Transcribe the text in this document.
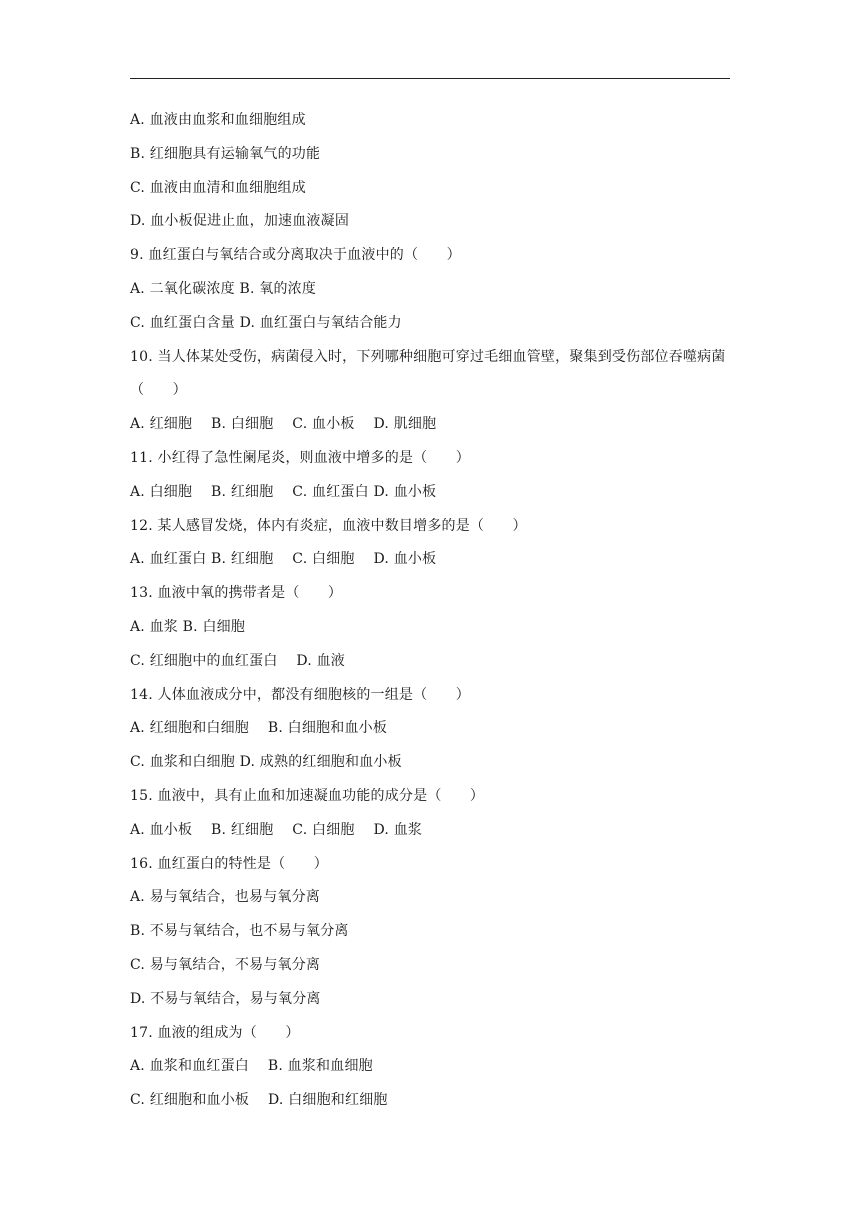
A. 血液由血浆和血细胞组成
B. 红细胞具有运输氧气的功能
C. 血液由血清和血细胞组成
D. 血小板促进止血，加速血液凝固
9. 血红蛋白与氧结合或分离取决于血液中的（　　）
A. 二氧化碳浓度 B. 氧的浓度
C. 血红蛋白含量 D. 血红蛋白与氧结合能力
10. 当人体某处受伤，病菌侵入时，下列哪种细胞可穿过毛细血管壁，聚集到受伤部位吞噬病菌（　　）
A. 红细胞　 B. 白细胞　 C. 血小板　 D. 肌细胞
11. 小红得了急性阑尾炎，则血液中增多的是（　　）
A. 白细胞　 B. 红细胞　 C. 血红蛋白 D. 血小板
12. 某人感冒发烧，体内有炎症，血液中数目增多的是（　　）
A. 血红蛋白 B. 红细胞　 C. 白细胞　 D. 血小板
13. 血液中氧的携带者是（　　）
A. 血浆 B. 白细胞
C. 红细胞中的血红蛋白　 D. 血液
14. 人体血液成分中，都没有细胞核的一组是（　　）
A. 红细胞和白细胞　 B. 白细胞和血小板
C. 血浆和白细胞 D. 成熟的红细胞和血小板
15. 血液中，具有止血和加速凝血功能的成分是（　　）
A. 血小板　 B. 红细胞　 C. 白细胞　 D. 血浆
16. 血红蛋白的特性是（　　）
A. 易与氧结合，也易与氧分离
B. 不易与氧结合，也不易与氧分离
C. 易与氧结合，不易与氧分离
D. 不易与氧结合，易与氧分离
17. 血液的组成为（　　）
A. 血浆和血红蛋白　 B. 血浆和血细胞
C. 红细胞和血小板　 D. 白细胞和红细胞
